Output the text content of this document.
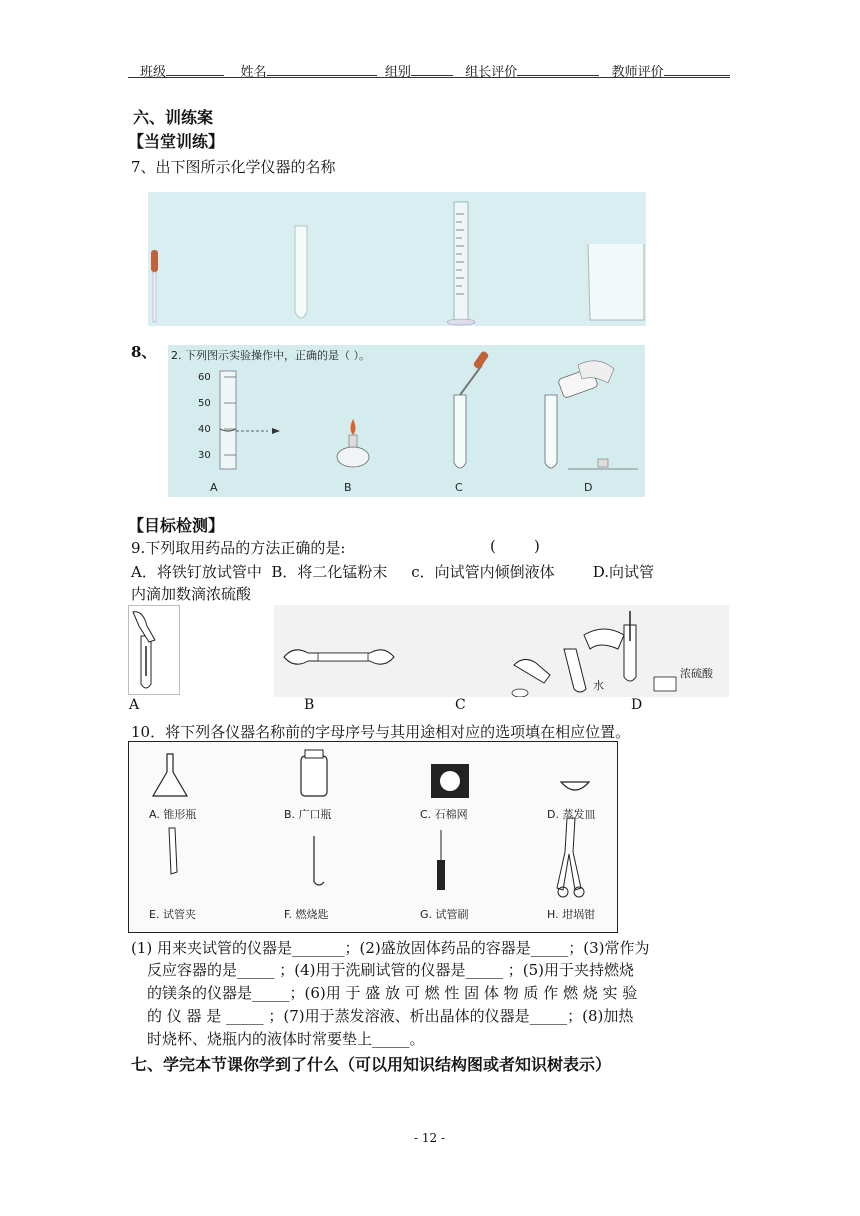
班级	姓名	组别	组长评价	教师评价
六、训练案
【当堂训练】
7、出下图所示化学仪器的名称
8、 2. 下列图示实验操作中，正确的是（ ）。
60
50
40
30
A	B	C	D
【目标检测】
9.下列取用药品的方法正确的是:	(        )
A．将铁钉放试管中  B．将二化锰粉末     c．向试管内倾倒液体        D.向试管
内滴加数滴浓硫酸
水
浓硫酸
A	B	C	D
10．将下列各仪器名称前的字母序号与其用途相对应的选项填在相应位置。
A. 锥形瓶	B. 广口瓶	C. 石棉网	D. 蒸发皿
E. 试管夹	F. 燃烧匙	G. 试管刷	H. 坩埚钳
(1) 用来夹试管的仪器是_______；(2)盛放固体药品的容器是_____；(3)常作为
反应容器的是_____ ；(4)用于洗刷试管的仪器是_____ ；(5)用于夹持燃烧
的镁条的仪器是_____；(6)用 于 盛 放 可 燃 性 固 体 物 质 作 燃 烧 实 验
的 仪 器 是 _____ ；(7)用于蒸发溶液、析出晶体的仪器是_____；(8)加热
时烧杯、烧瓶内的液体时常要垫上_____。
七、学完本节课你学到了什么（可以用知识结构图或者知识树表示）
- 12 -
